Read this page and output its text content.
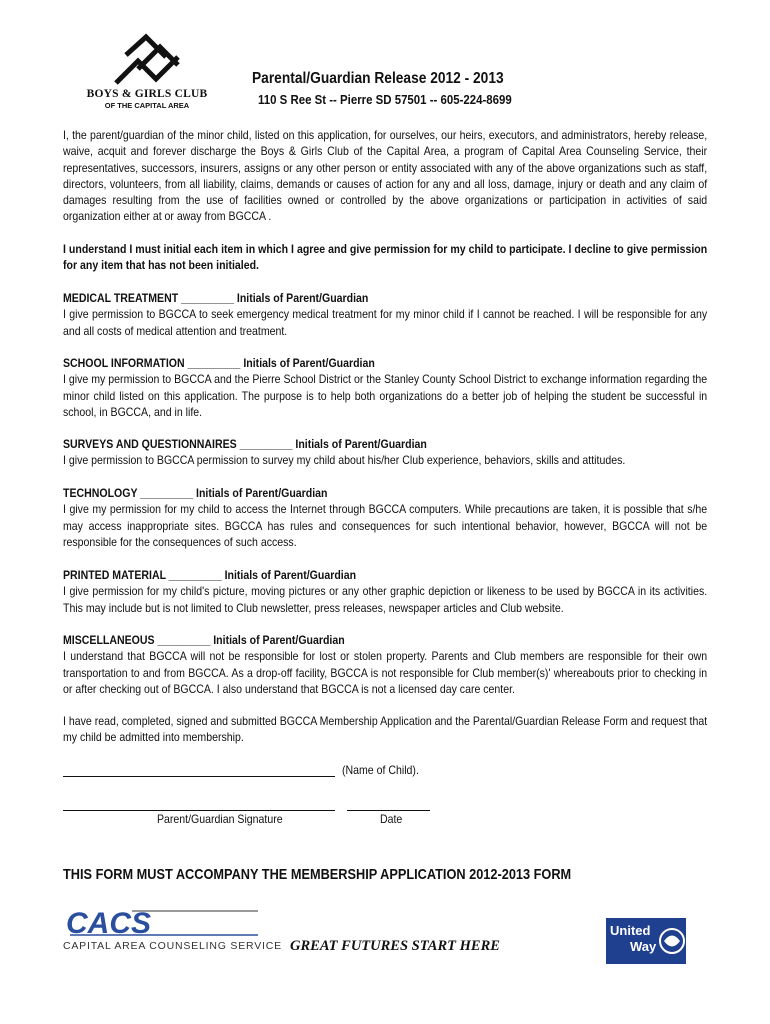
BOYS & GIRLS CLUB
OF THE CAPITAL AREA
Parental/Guardian Release 2012 - 2013
110 S Ree St -- Pierre SD 57501 -- 605-224-8699
I, the parent/guardian of the minor child, listed on this application, for ourselves, our heirs, executors, and administrators, hereby release, waive, acquit and forever discharge the Boys & Girls Club of the Capital Area, a program of Capital Area Counseling Service, their representatives, successors, insurers, assigns or any other person or entity associated with any of the above organizations such as staff, directors, volunteers, from all liability, claims, demands or causes of action for any and all loss, damage, injury or death and any claim of damages resulting from the use of facilities owned or controlled by the above organizations or participation in activities of said organization either at or away from BGCCA .
I understand I must initial each item in which I agree and give permission for my child to participate. I decline to give permission for any item that has not been initialed.
MEDICAL TREATMENT _________ Initials of Parent/Guardian
I give permission to BGCCA to seek emergency medical treatment for my minor child if I cannot be reached. I will be responsible for any and all costs of medical attention and treatment.
SCHOOL INFORMATION _________ Initials of Parent/Guardian
I give my permission to BGCCA and the Pierre School District or the Stanley County School District to exchange information regarding the minor child listed on this application. The purpose is to help both organizations do a better job of helping the student be successful in school, in BGCCA, and in life.
SURVEYS AND QUESTIONNAIRES _________ Initials of Parent/Guardian
I give permission to BGCCA permission to survey my child about his/her Club experience, behaviors, skills and attitudes.
TECHNOLOGY _________ Initials of Parent/Guardian
I give my permission for my child to access the Internet through BGCCA computers. While precautions are taken, it is possible that s/he may access inappropriate sites. BGCCA has rules and consequences for such intentional behavior, however, BGCCA will not be responsible for the consequences of such access.
PRINTED MATERIAL _________ Initials of Parent/Guardian
I give permission for my child's picture, moving pictures or any other graphic depiction or likeness to be used by BGCCA in its activities. This may include but is not limited to Club newsletter, press releases, newspaper articles and Club website.
MISCELLANEOUS _________ Initials of Parent/Guardian
I understand that BGCCA will not be responsible for lost or stolen property. Parents and Club members are responsible for their own transportation to and from BGCCA. As a drop-off facility, BGCCA is not responsible for Club member(s)' whereabouts prior to checking in or after checking out of BGCCA. I also understand that BGCCA is not a licensed day care center.
I have read, completed, signed and submitted BGCCA Membership Application and the Parental/Guardian Release Form and request that my child be admitted into membership.
(Name of Child).
Parent/Guardian Signature	Date
THIS FORM MUST ACCOMPANY THE MEMBERSHIP APPLICATION 2012-2013 FORM
CACS
CAPITAL AREA COUNSELING SERVICE GREAT FUTURES START HERE
United
Way
